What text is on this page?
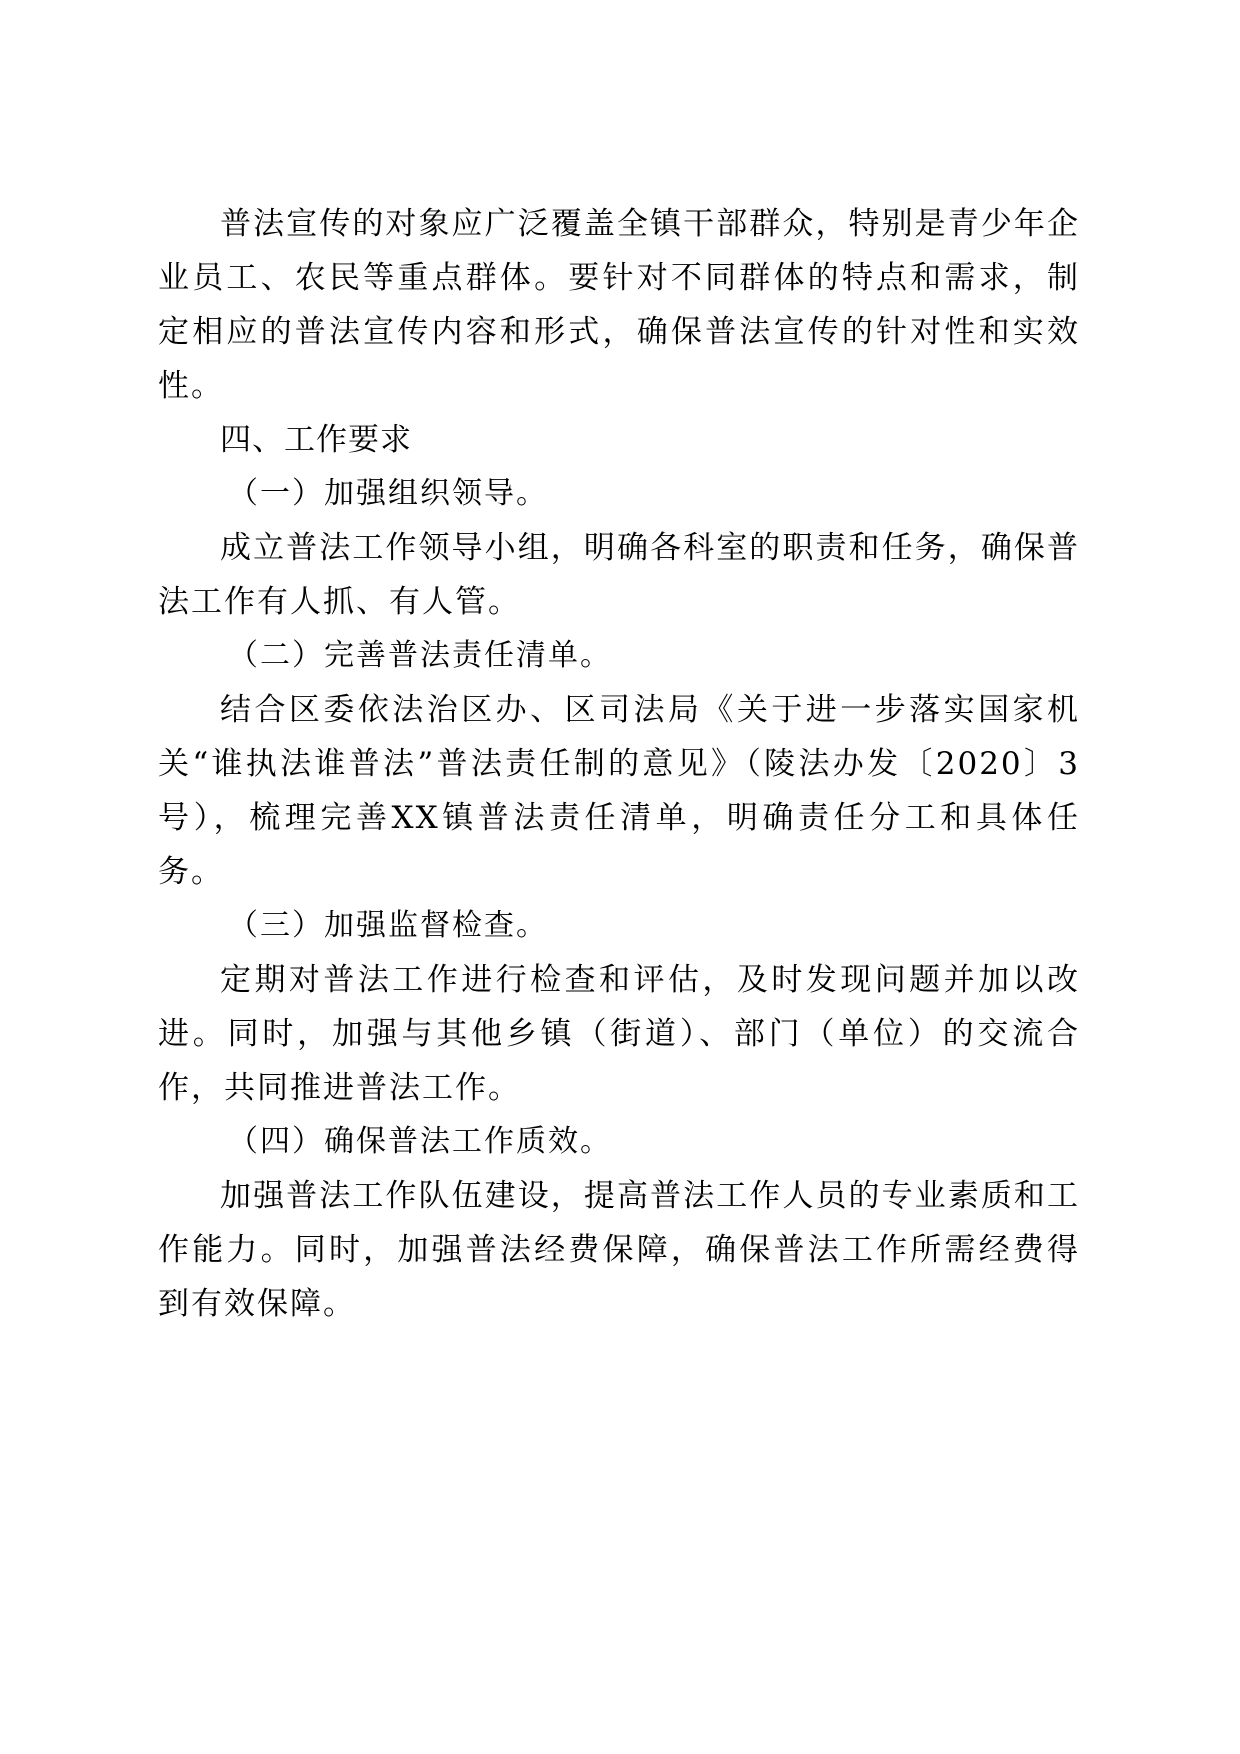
普法宣传的对象应广泛覆盖全镇干部群众，特别是青少年企业员工、农民等重点群体。要针对不同群体的特点和需求，制定相应的普法宣传内容和形式，确保普法宣传的针对性和实效性。

四、工作要求

（一）加强组织领导。

成立普法工作领导小组，明确各科室的职责和任务，确保普法工作有人抓、有人管。

（二）完善普法责任清单。

结合区委依法治区办、区司法局《关于进一步落实国家机关“谁执法谁普法”普法责任制的意见》（陵法办发〔2020〕3号），梳理完善XX镇普法责任清单，明确责任分工和具体任务。

（三）加强监督检查。

定期对普法工作进行检查和评估，及时发现问题并加以改进。同时，加强与其他乡镇（街道）、部门（单位）的交流合作，共同推进普法工作。

（四）确保普法工作质效。

加强普法工作队伍建设，提高普法工作人员的专业素质和工作能力。同时，加强普法经费保障，确保普法工作所需经费得到有效保障。
